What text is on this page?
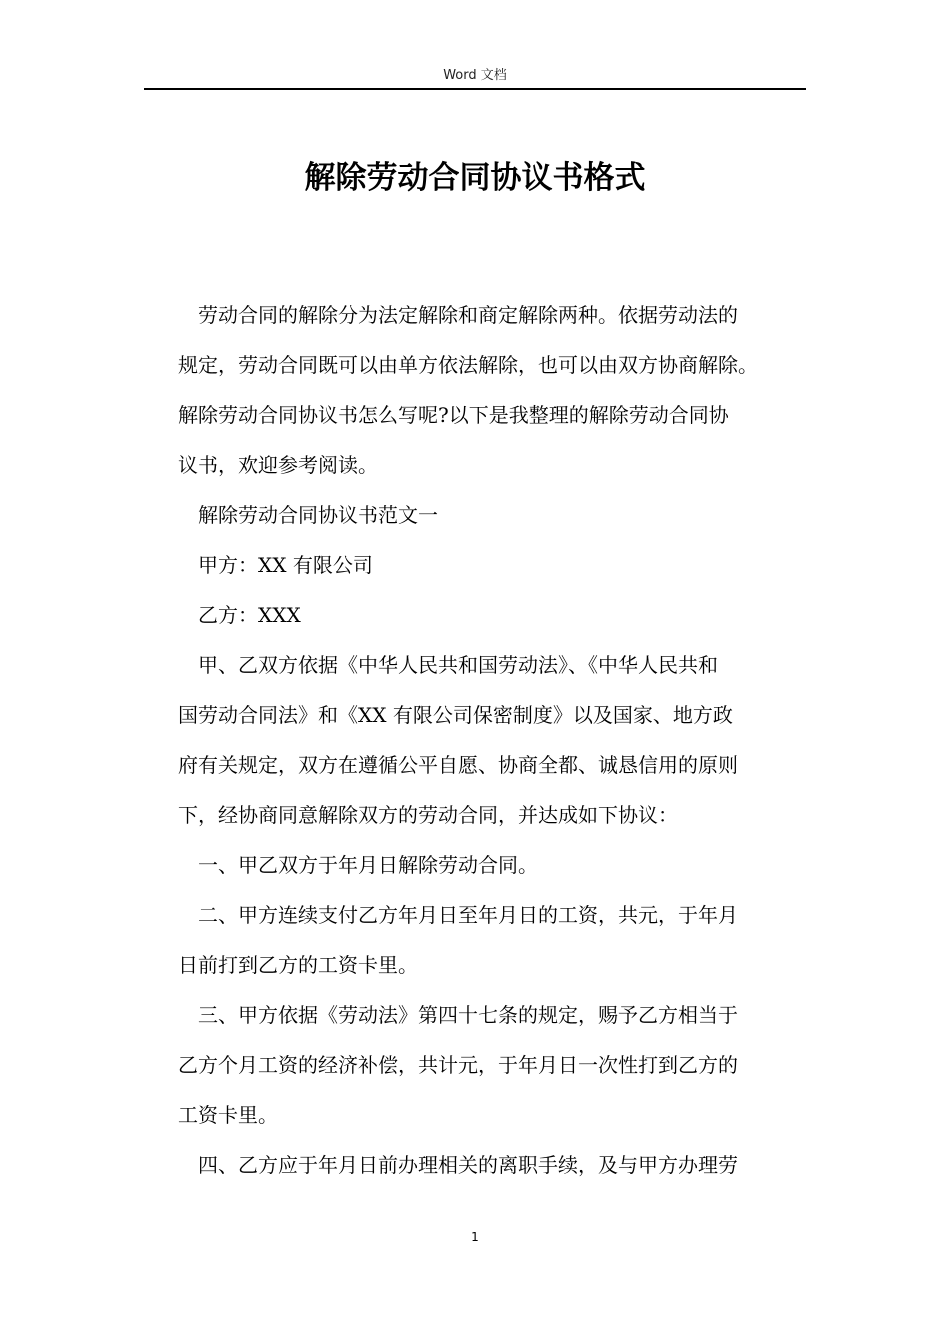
Word 文档
解除劳动合同协议书格式

劳动合同的解除分为法定解除和商定解除两种。依据劳动法的
规定，劳动合同既可以由单方依法解除，也可以由双方协商解除。
解除劳动合同协议书怎么写呢?以下是我整理的解除劳动合同协
议书，欢迎参考阅读。

解除劳动合同协议书范文一

甲方：XX 有限公司

乙方：XXX

甲、乙双方依据《中华人民共和国劳动法》、《中华人民共和
国劳动合同法》和《XX 有限公司保密制度》以及国家、地方政
府有关规定，双方在遵循公平自愿、协商全都、诚恳信用的原则
下，经协商同意解除双方的劳动合同，并达成如下协议：

一、甲乙双方于年月日解除劳动合同。

二、甲方连续支付乙方年月日至年月日的工资，共元，于年月
日前打到乙方的工资卡里。

三、甲方依据《劳动法》第四十七条的规定，赐予乙方相当于
乙方个月工资的经济补偿，共计元，于年月日一次性打到乙方的
工资卡里。

四、乙方应于年月日前办理相关的离职手续，及与甲方办理劳

1
